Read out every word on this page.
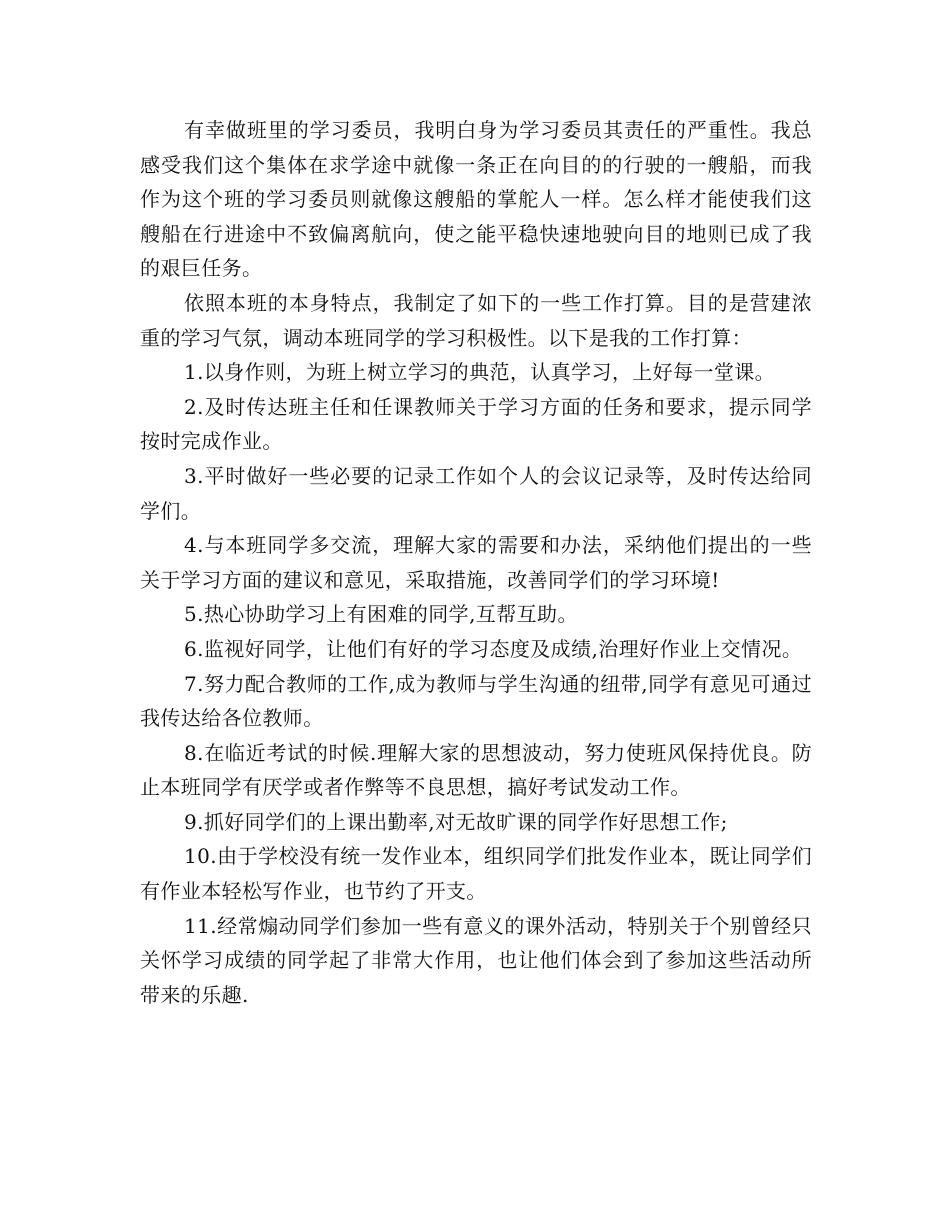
有幸做班里的学习委员，我明白身为学习委员其责任的严重性。我总感受我们这个集体在求学途中就像一条正在向目的的行驶的一艘船，而我作为这个班的学习委员则就像这艘船的掌舵人一样。怎么样才能使我们这艘船在行进途中不致偏离航向，使之能平稳快速地驶向目的地则已成了我的艰巨任务。

依照本班的本身特点，我制定了如下的一些工作打算。目的是营建浓重的学习气氛，调动本班同学的学习积极性。以下是我的工作打算：

1.以身作则，为班上树立学习的典范，认真学习，上好每一堂课。

2.及时传达班主任和任课教师关于学习方面的任务和要求，提示同学按时完成作业。

3.平时做好一些必要的记录工作如个人的会议记录等，及时传达给同学们。

4.与本班同学多交流，理解大家的需要和办法，采纳他们提出的一些关于学习方面的建议和意见，采取措施，改善同学们的学习环境!

5.热心协助学习上有困难的同学,互帮互助。

6.监视好同学，让他们有好的学习态度及成绩,治理好作业上交情况。

7.努力配合教师的工作,成为教师与学生沟通的纽带,同学有意见可通过我传达给各位教师。

8.在临近考试的时候.理解大家的思想波动，努力使班风保持优良。防止本班同学有厌学或者作弊等不良思想，搞好考试发动工作。

9.抓好同学们的上课出勤率,对无故旷课的同学作好思想工作;

10.由于学校没有统一发作业本，组织同学们批发作业本，既让同学们有作业本轻松写作业，也节约了开支。

11.经常煽动同学们参加一些有意义的课外活动，特别关于个别曾经只关怀学习成绩的同学起了非常大作用，也让他们体会到了参加这些活动所带来的乐趣.
